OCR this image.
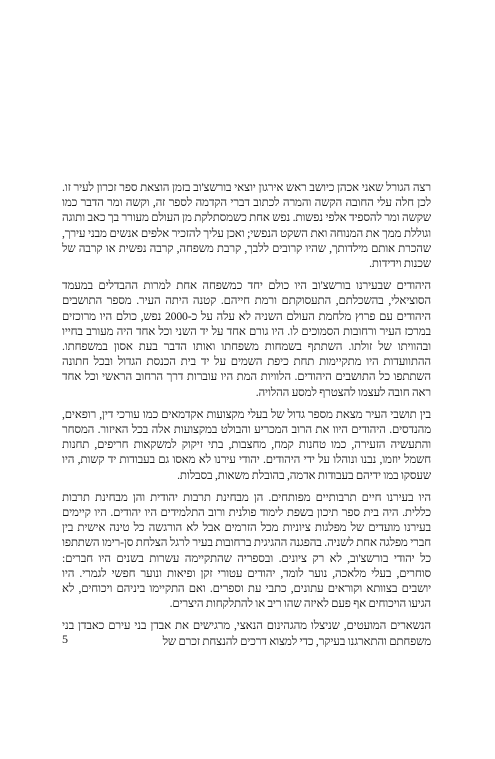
רצה הגורל שאני אכהן כיושב ראש אירגון יוצאי בורשצ'וב בזמן הוצאת ספר זכרון לעיר זו. לכן חלה עלי החובה הקשה והמרה לכתוב דברי הקדמה לספר זה, וקשה ומר הדבר כמו שקשה ומר להספיד אלפי נפשות. נפש אחת כשמסתלקת מן העולם מעורר בך כאב ותוגה וגוללת ממך את המנוחה ואת השקט הנפשי; ואכן עליך להזכיר אלפים אנשים מבני עירך, שהכרת אותם מילדותך, שהיו קרובים ללבך, קרבת משפחה, קרבה נפשית או קרבה של שכנות וידידות.

היהודים שבעירנו בורשצ'וב היו כולם יחד כמשפחה אחת למרות ההבדלים במעמד הסוציאלי, בהשכלתם, התעסוקתם ורמת חייהם. קטנה היתה העיר. מספר התושבים היהודים עם פרוץ מלחמת העולם השניה לא עלה על כ-2000 נפש, כולם היו מרוכזים במרכז העיר ורחובות הסמוכים לו. היו גורם אחד על יד השני וכל אחד היה מעורב בחייו ובהוויתו של זולתו. השתתף בשמחות משפחתו ואותו הדבר בעת אסון במשפחתו. ההתוועדות היו מתקיימות תחת כיפת השמים על יד בית הכנסת הגדול ובכל חתונה השתתפו כל התושבים היהודים. הלוויות המת היו עוברות דרך הרחוב הראשי וכל אחד ראה חובה לעצמו להצטרף למסע ההלויה.

בין תושבי העיר מצאת מספר גדול של בעלי מקצועות אקדמאים כמו עורכי דין, רופאים, מהנדסים. היהודים היוו את הרוב המכריע והבולט במקצועות אלה בכל האיזור. המסחר והתעשיה הזעירה, כמו טחנות קמח, מחצבות, בתי זיקוק למשקאות חריפים, תחנות חשמל יוזמו, נבנו ונוהלו על ידי היהודים. יהודי עירנו לא מאסו גם בעבודות יד קשות, היו שעסקו במו ידיהם בעבודות אדמה, בהובלת משאות, בסבלות.

היו בעירנו חיים תרבותיים מפותחים. הן מבחינת תרבות יהודית והן מבחינת תרבות כללית. היה בית ספר תיכון בשפת לימוד פולנית ורוב התלמידים היו יהודים. היו קיימים בעירנו מועדים של מפלגות ציוניות מכל הזרמים אבל לא הורגשה כל טינה אישית בין חברי מפלגה אחת לשניה. בהפגנה ההגיגית ברחובות בעיר לרגל הצלחת סן-רימו השתתפו כל יהודי בורשצ'וב, לא רק ציונים. ובספריה שהתקיימה עשרות בשנים היו חברים: סוחרים, בעלי מלאכה, נוער לומד, יהודים עטורי זקן ופיאות ונוער חפשי לגמרי. היו יושבים בצוותא וקוראים עתונים, כתבי עת וספרים. ואם התקיימו ביניהם ויכוחים, לא הגיעו הויכוחים אף פעם לאיזה שהו ריב או להתלקחות היצרים.

הנשארים המועטים, שניצלו מהגהינום הנאצי, מרגישים את אבדן בני עירם כאבדן בני משפחתם והתארגנו בעיקר, כדי למצוא דרכים להנצחת זכרם של

5
